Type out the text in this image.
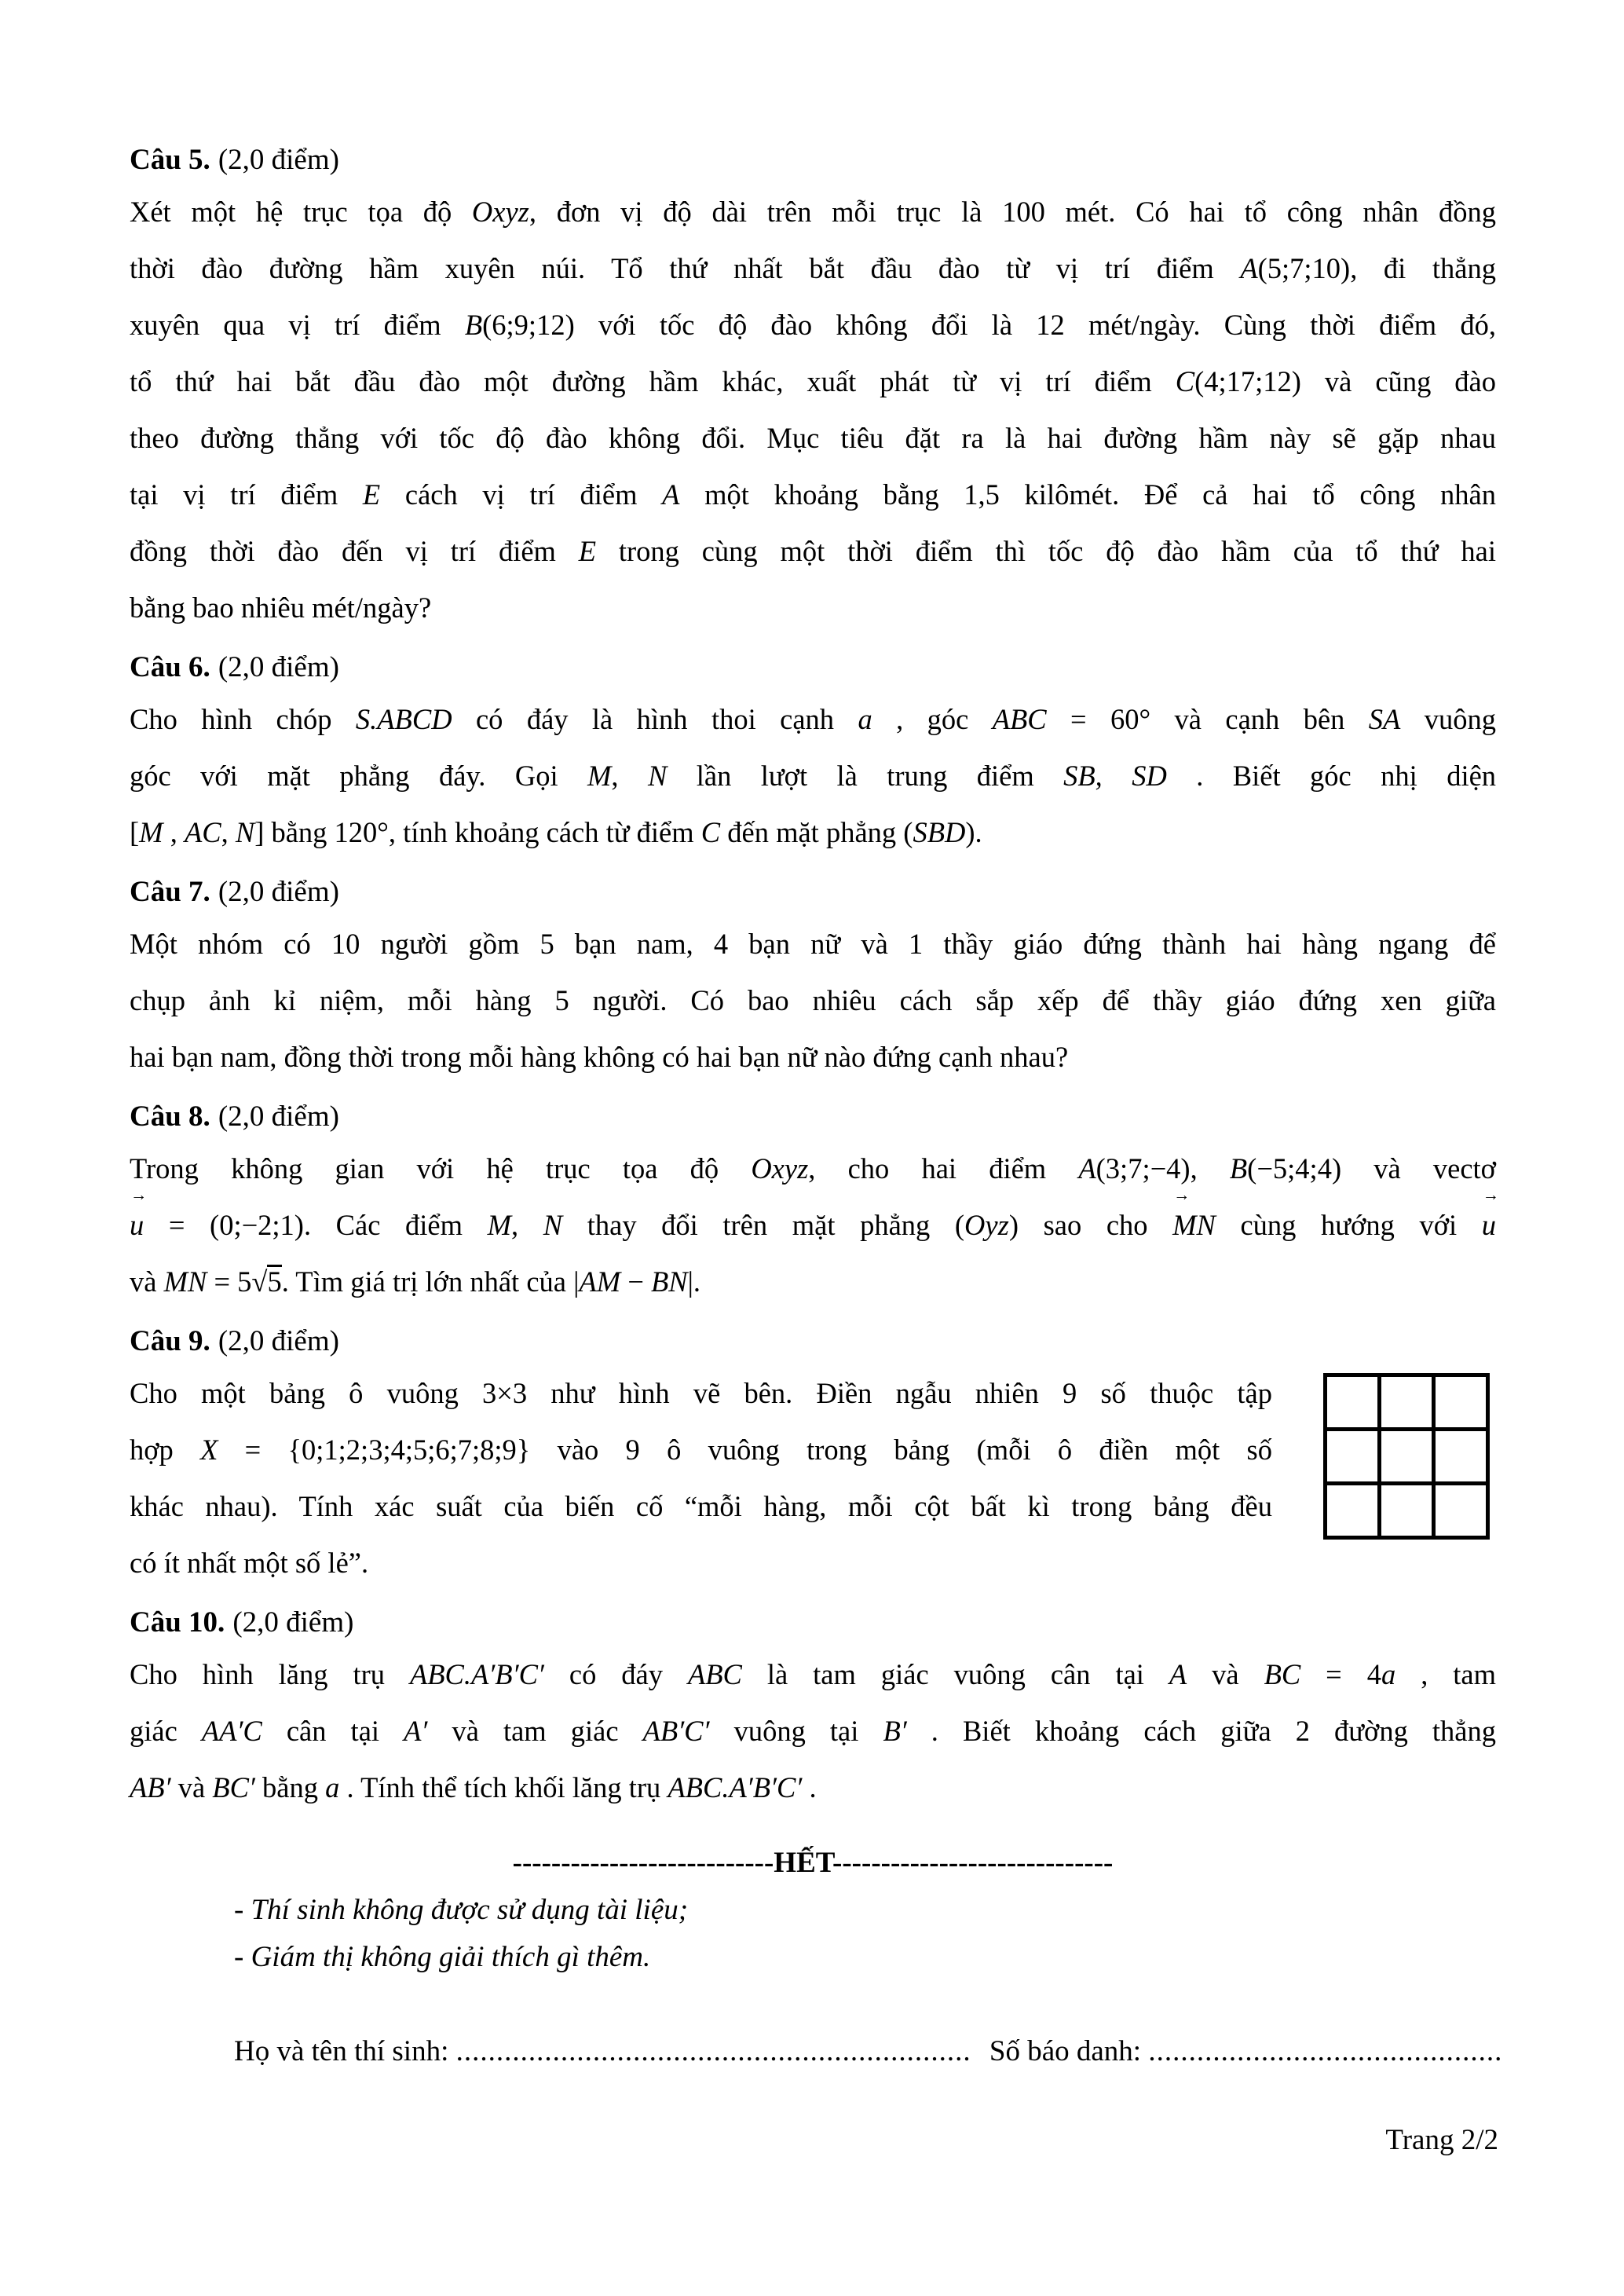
Câu 5. (2,0 điểm)
Xét một hệ trục tọa độ Oxyz, đơn vị độ dài trên mỗi trục là 100 mét. Có hai tổ công nhân đồng
thời đào đường hầm xuyên núi. Tổ thứ nhất bắt đầu đào từ vị trí điểm A(5;7;10), đi thẳng
xuyên qua vị trí điểm B(6;9;12) với tốc độ đào không đổi là 12 mét/ngày. Cùng thời điểm đó,
tổ thứ hai bắt đầu đào một đường hầm khác, xuất phát từ vị trí điểm C(4;17;12) và cũng đào
theo đường thẳng với tốc độ đào không đổi. Mục tiêu đặt ra là hai đường hầm này sẽ gặp nhau
tại vị trí điểm E cách vị trí điểm A một khoảng bằng 1,5 kilômét. Để cả hai tổ công nhân
đồng thời đào đến vị trí điểm E trong cùng một thời điểm thì tốc độ đào hầm của tổ thứ hai
bằng bao nhiêu mét/ngày?
Câu 6. (2,0 điểm)
Cho hình chóp S.ABCD có đáy là hình thoi cạnh a , góc ABC = 60° và cạnh bên SA vuông
góc với mặt phẳng đáy. Gọi M, N lần lượt là trung điểm SB, SD . Biết góc nhị diện
[M , AC, N] bằng 120°, tính khoảng cách từ điểm C đến mặt phẳng (SBD).
Câu 7. (2,0 điểm)
Một nhóm có 10 người gồm 5 bạn nam, 4 bạn nữ và 1 thầy giáo đứng thành hai hàng ngang để
chụp ảnh kỉ niệm, mỗi hàng 5 người. Có bao nhiêu cách sắp xếp để thầy giáo đứng xen giữa
hai bạn nam, đồng thời trong mỗi hàng không có hai bạn nữ nào đứng cạnh nhau?
Câu 8. (2,0 điểm)
Trong không gian với hệ trục tọa độ Oxyz, cho hai điểm A(3;7;−4), B(−5;4;4) và vectơ
u → = (0;−2;1). Các điểm M, N thay đổi trên mặt phẳng (Oyz) sao cho MN → cùng hướng với u →
và MN = 5√5. Tìm giá trị lớn nhất của |AM − BN|.
Câu 9. (2,0 điểm)
Cho một bảng ô vuông 3×3 như hình vẽ bên. Điền ngẫu nhiên 9 số thuộc tập
hợp X = {0;1;2;3;4;5;6;7;8;9} vào 9 ô vuông trong bảng (mỗi ô điền một số
khác nhau). Tính xác suất của biến cố “mỗi hàng, mỗi cột bất kì trong bảng đều
có ít nhất một số lẻ”.
Câu 10. (2,0 điểm)
Cho hình lăng trụ ABC.A′B′C′ có đáy ABC là tam giác vuông cân tại A và BC = 4a , tam
giác AA′C cân tại A′ và tam giác AB′C′ vuông tại B′ . Biết khoảng cách giữa 2 đường thẳng
AB′ và BC′ bằng a . Tính thể tích khối lăng trụ ABC.A′B′C′ .
---------------------------HẾT-----------------------------
- Thí sinh không được sử dụng tài liệu;
- Giám thị không giải thích gì thêm.
Họ và tên thí sinh: ................................................................ Số báo danh: ............................................
Trang 2/2
